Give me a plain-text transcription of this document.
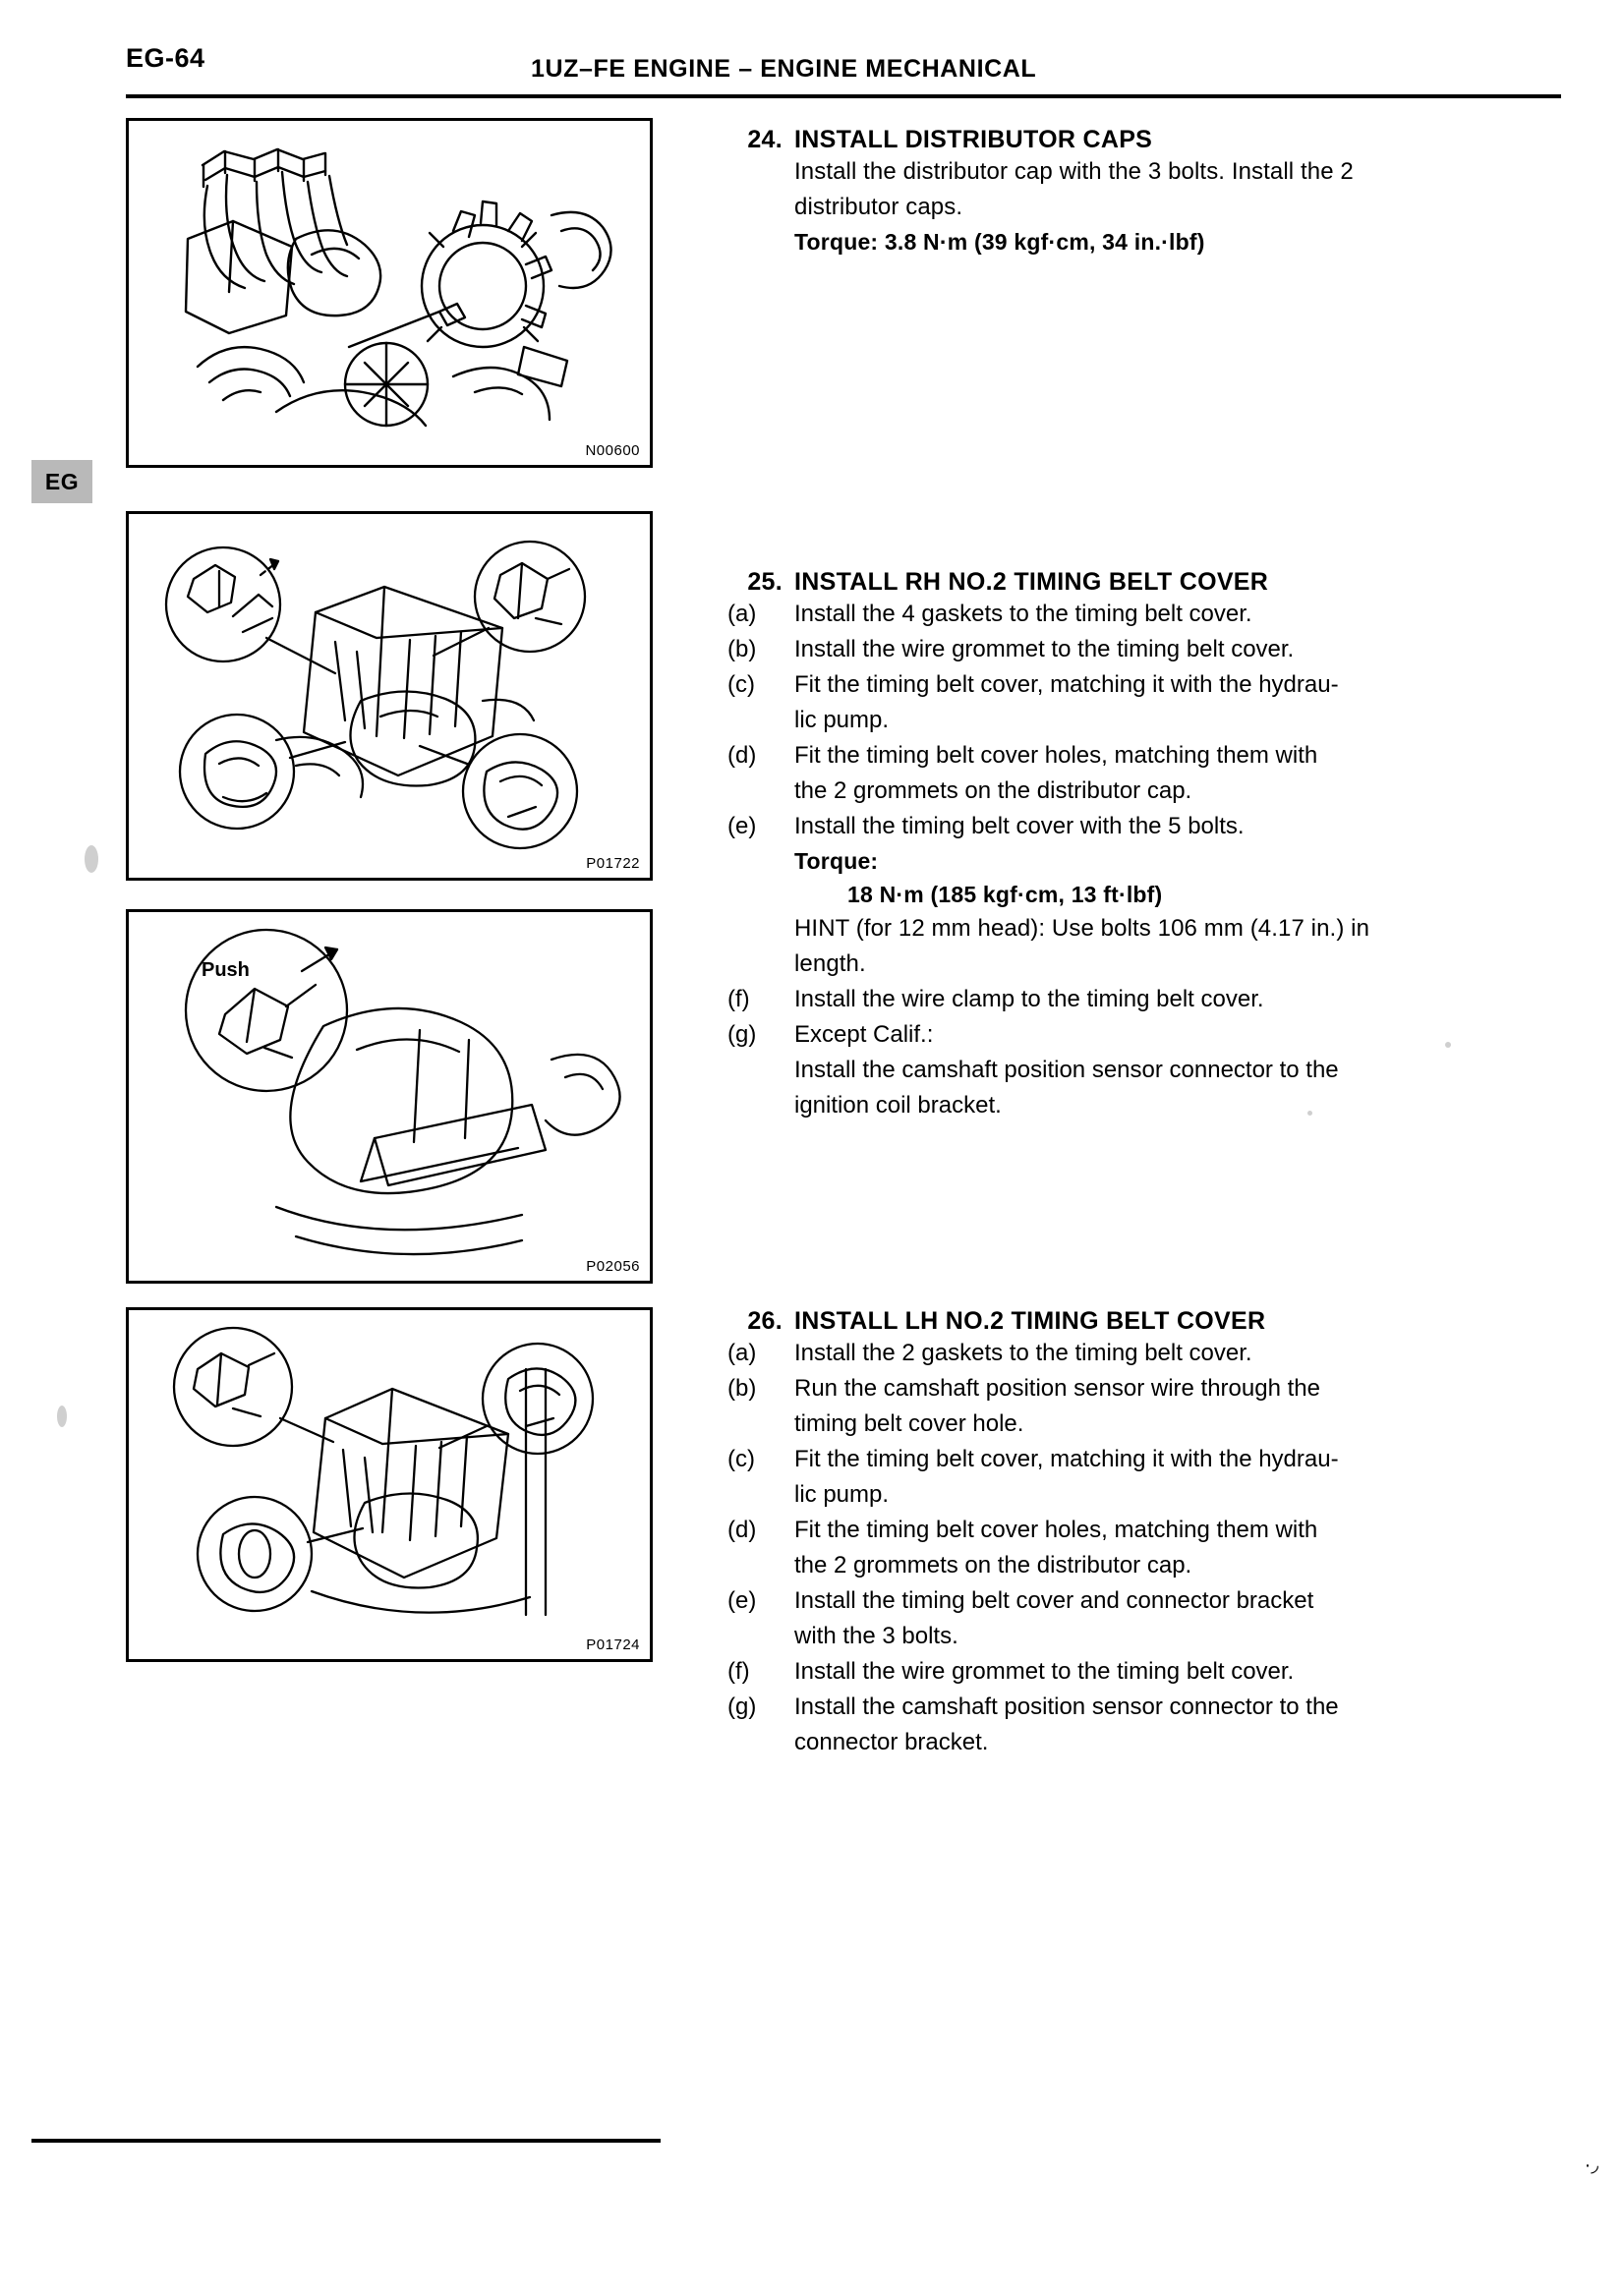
EG-64	1UZ–FE ENGINE – ENGINE MECHANICAL
EG
N00600
P01722
Push
P02056
P01724
24. INSTALL DISTRIBUTOR CAPS
Install the distributor cap with the 3 bolts. Install the 2
distributor caps.
Torque: 3.8 N·m (39 kgf·cm, 34 in.·lbf)
25. INSTALL RH NO.2 TIMING BELT COVER
(a)	Install the 4 gaskets to the timing belt cover.
(b)	Install the wire grommet to the timing belt cover.
(c)	Fit the timing belt cover, matching it with the hydrau-
lic pump.
(d)	Fit the timing belt cover holes, matching them with
the 2 grommets on the distributor cap.
(e)	Install the timing belt cover with the 5 bolts.
Torque:
18 N·m (185 kgf·cm, 13 ft·lbf)
HINT (for 12 mm head): Use bolts 106 mm (4.17 in.) in
length.
(f)	Install the wire clamp to the timing belt cover.
(g)	Except Calif.:
Install the camshaft position sensor connector to the
ignition coil bracket.
26. INSTALL LH NO.2 TIMING BELT COVER
(a)	Install the 2 gaskets to the timing belt cover.
(b)	Run the camshaft position sensor wire through the
timing belt cover hole.
(c)	Fit the timing belt cover, matching it with the hydrau-
lic pump.
(d)	Fit the timing belt cover holes, matching them with
the 2 grommets on the distributor cap.
(e)	Install the timing belt cover and connector bracket
with the 3 bolts.
(f)	Install the wire grommet to the timing belt cover.
(g)	Install the camshaft position sensor connector to the
connector bracket.
·◞
